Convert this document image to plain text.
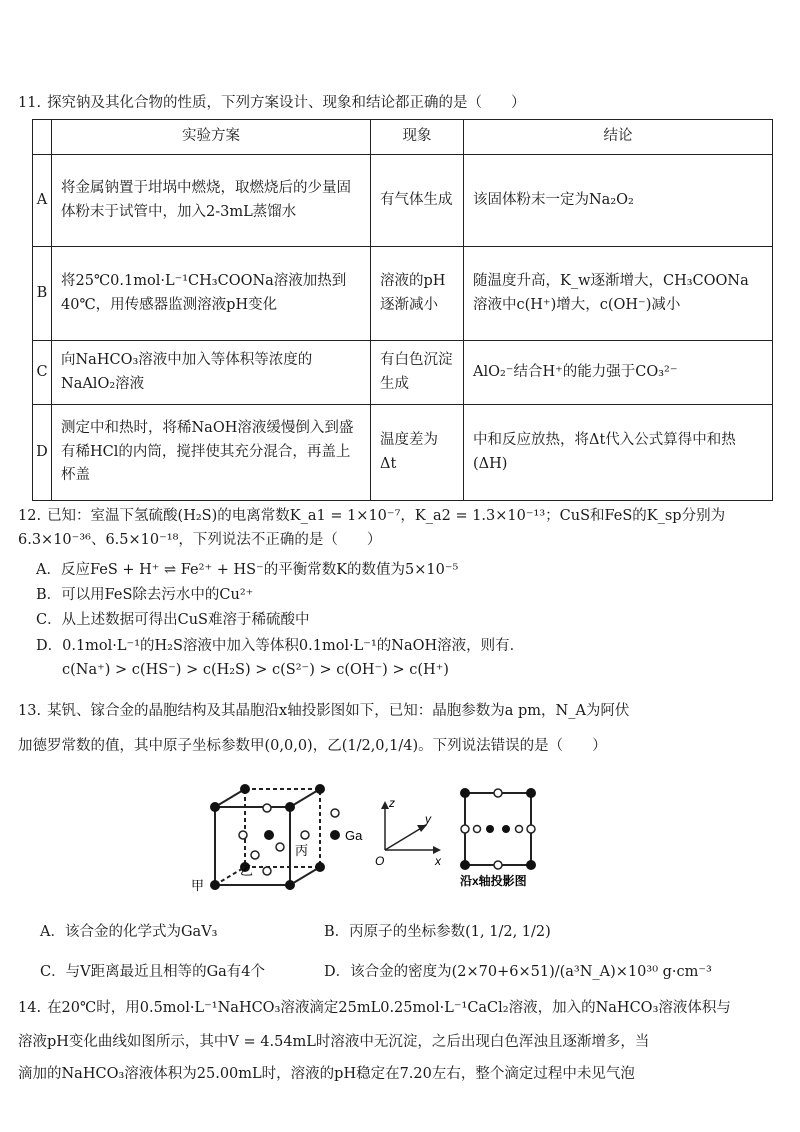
11. 探究钠及其化合物的性质，下列方案设计、现象和结论都正确的是（　　）
	实验方案	现象	结论
A	将金属钠置于坩埚中燃烧，取燃烧后的少量固体粉末于试管中，加入2-3mL蒸馏水	有气体生成	该固体粉末一定为Na₂O₂
B	将25℃0.1mol·L⁻¹CH₃COONa溶液加热到40℃，用传感器监测溶液pH变化	溶液的pH逐渐减小	随温度升高，K_w逐渐增大，CH₃COONa溶液中c(H⁺)增大，c(OH⁻)减小
C	向NaHCO₃溶液中加入等体积等浓度的NaAlO₂溶液	有白色沉淀生成	AlO₂⁻结合H⁺的能力强于CO₃²⁻
D	测定中和热时，将稀NaOH溶液缓慢倒入到盛有稀HCl的内筒，搅拌使其充分混合，再盖上杯盖	温度差为Δt	中和反应放热，将Δt代入公式算得中和热(ΔH)
12. 已知：室温下氢硫酸(H₂S)的电离常数K_a1 = 1×10⁻⁷，K_a2 = 1.3×10⁻¹³；CuS和FeS的K_sp分别为
6.3×10⁻³⁶、6.5×10⁻¹⁸，下列说法不正确的是（　　）
A．反应FeS + H⁺ ⇌ Fe²⁺ + HS⁻的平衡常数K的数值为5×10⁻⁵
B．可以用FeS除去污水中的Cu²⁺
C．从上述数据可得出CuS难溶于稀硫酸中
D．0.1mol·L⁻¹的H₂S溶液中加入等体积0.1mol·L⁻¹的NaOH溶液，则有．
c(Na⁺) > c(HS⁻) > c(H₂S) > c(S²⁻) > c(OH⁻) > c(H⁺)
13. 某钒、镓合金的晶胞结构及其晶胞沿x轴投影图如下，已知：晶胞参数为a pm，N_A为阿伏
加德罗常数的值，其中原子坐标参数甲(0,0,0)，乙(1/2,0,1/4)。下列说法错误的是（　　）
甲
乙
丙
Ga
z
y
x
O
沿x轴投影图
A．该合金的化学式为GaV₃	B．丙原子的坐标参数(1, 1/2, 1/2)
C．与V距离最近且相等的Ga有4个	D．该合金的密度为(2×70+6×51)/(a³N_A)×10³⁰ g·cm⁻³
14. 在20℃时，用0.5mol·L⁻¹NaHCO₃溶液滴定25mL0.25mol·L⁻¹CaCl₂溶液，加入的NaHCO₃溶液体积与
溶液pH变化曲线如图所示，其中V = 4.54mL时溶液中无沉淀，之后出现白色浑浊且逐渐增多，当
滴加的NaHCO₃溶液体积为25.00mL时，溶液的pH稳定在7.20左右，整个滴定过程中未见气泡
